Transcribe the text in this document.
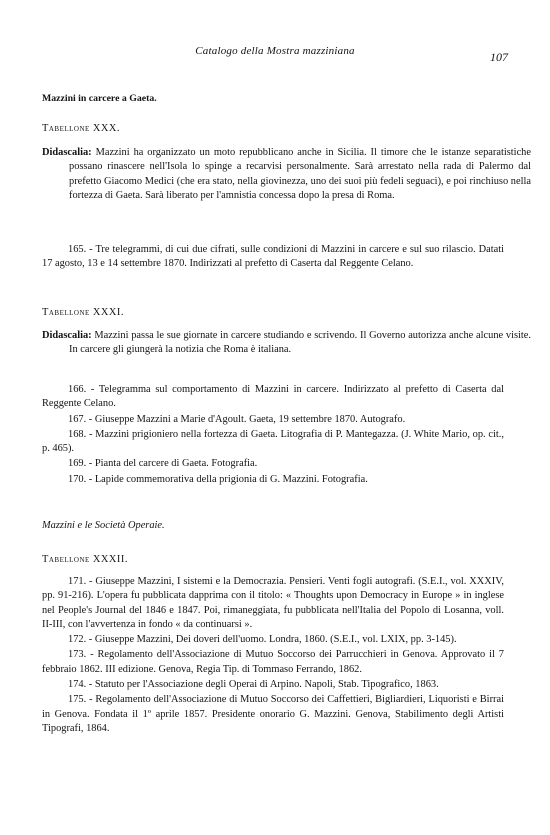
Catalogo della Mostra mazziniana	107
Mazzini in carcere a Gaeta.
Tabellone XXX.

Didascalia: Mazzini ha organizzato un moto repubblicano anche in Sicilia. Il timore che le istanze separatistiche possano rinascere nell'Isola lo spinge a recarvisi personalmente. Sarà arrestato nella rada di Palermo dal prefetto Giacomo Medici (che era stato, nella giovinezza, uno dei suoi più fedeli seguaci), e poi rinchiuso nella fortezza di Gaeta. Sarà liberato per l'amnistia concessa dopo la presa di Roma.

165. - Tre telegrammi, di cui due cifrati, sulle condizioni di Mazzini in carcere e sul suo rilascio. Datati 17 agosto, 13 e 14 settembre 1870. Indirizzati al prefetto di Caserta dal Reggente Celano.

Tabellone XXXI.

Didascalia: Mazzini passa le sue giornate in carcere studiando e scrivendo. Il Governo autorizza anche alcune visite. In carcere gli giungerà la notizia che Roma è italiana.

166. - Telegramma sul comportamento di Mazzini in carcere. Indirizzato al prefetto di Caserta dal Reggente Celano.

167. - Giuseppe Mazzini a Marie d'Agoult. Gaeta, 19 settembre 1870. Autografo.

168. - Mazzini prigioniero nella fortezza di Gaeta. Litografia di P. Mantegazza. (J. White Mario, op. cit., p. 465).

169. - Pianta del carcere di Gaeta. Fotografia.

170. - Lapide commemorativa della prigionia di G. Mazzini. Fotografia.

Mazzini e le Società Operaie.
Tabellone XXXII.

171. - Giuseppe Mazzini, I sistemi e la Democrazia. Pensieri. Venti fogli autografi. (S.E.I., vol. XXXIV, pp. 91-216). L'opera fu pubblicata dapprima con il titolo: « Thoughts upon Democracy in Europe » in inglese nel People's Journal del 1846 e 1847. Poi, rimaneggiata, fu pubblicata nell'Italia del Popolo di Losanna, voll. II-III, con l'avvertenza in fondo « da continuarsi ».

172. - Giuseppe Mazzini, Dei doveri dell'uomo. Londra, 1860. (S.E.I., vol. LXIX, pp. 3-145).

173. - Regolamento dell'Associazione di Mutuo Soccorso dei Parrucchieri in Genova. Approvato il 7 febbraio 1862. III edizione. Genova, Regia Tip. di Tommaso Ferrando, 1862.

174. - Statuto per l'Associazione degli Operai di Arpino. Napoli, Stab. Tipografico, 1863.

175. - Regolamento dell'Associazione di Mutuo Soccorso dei Caffettieri, Bigliardieri, Liquoristi e Birrai in Genova. Fondata il 1º aprile 1857. Presidente onorario G. Mazzini. Genova, Stabilimento degli Artisti Tipografi, 1864.
